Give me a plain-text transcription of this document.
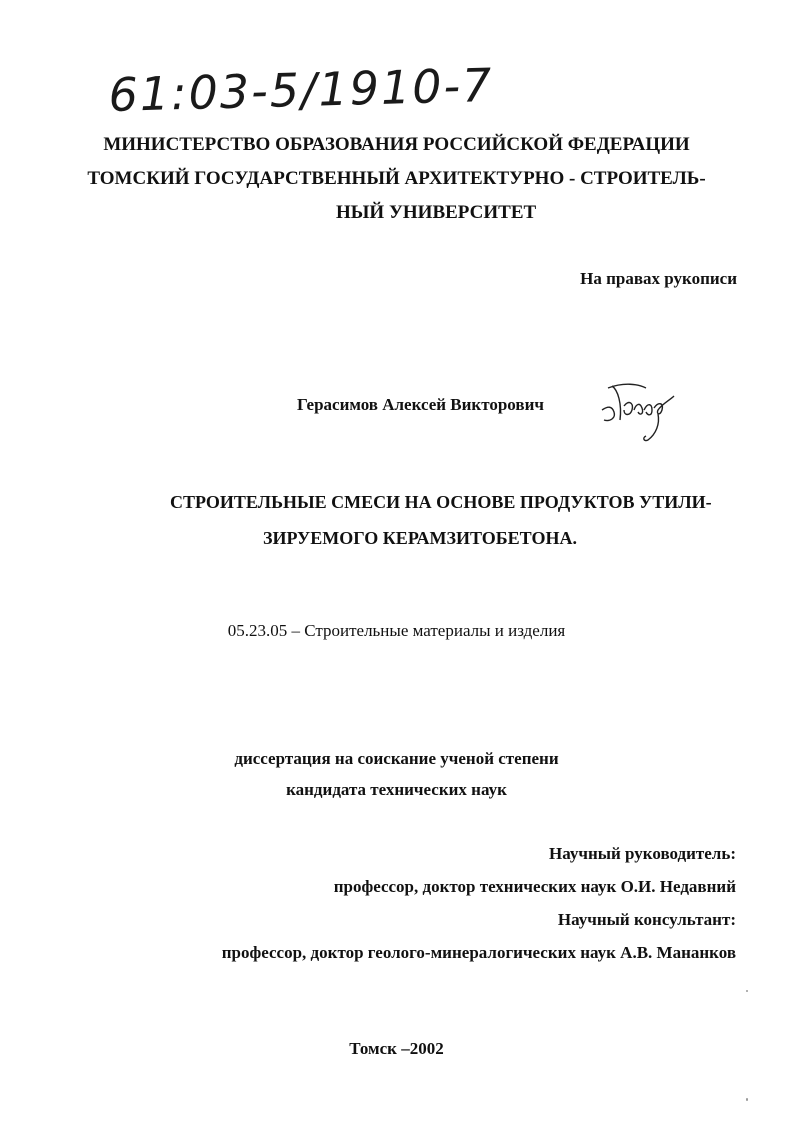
61:03-5/1910-7
МИНИСТЕРСТВО ОБРАЗОВАНИЯ РОССИЙСКОЙ ФЕДЕРАЦИИ
ТОМСКИЙ ГОСУДАРСТВЕННЫЙ АРХИТЕКТУРНО - СТРОИТЕЛЬ-
НЫЙ УНИВЕРСИТЕТ
На правах рукописи
Герасимов Алексей Викторович
Герас
СТРОИТЕЛЬНЫЕ СМЕСИ НА ОСНОВЕ ПРОДУКТОВ УТИЛИ-
ЗИРУЕМОГО КЕРАМЗИТОБЕТОНА.
05.23.05 – Строительные материалы и изделия
диссертация на соискание ученой степени
кандидата технических наук
Научный руководитель:
профессор, доктор технических наук О.И. Недавний
Научный консультант:
профессор, доктор геолого-минералогических наук А.В. Мананков
Томск –2002
